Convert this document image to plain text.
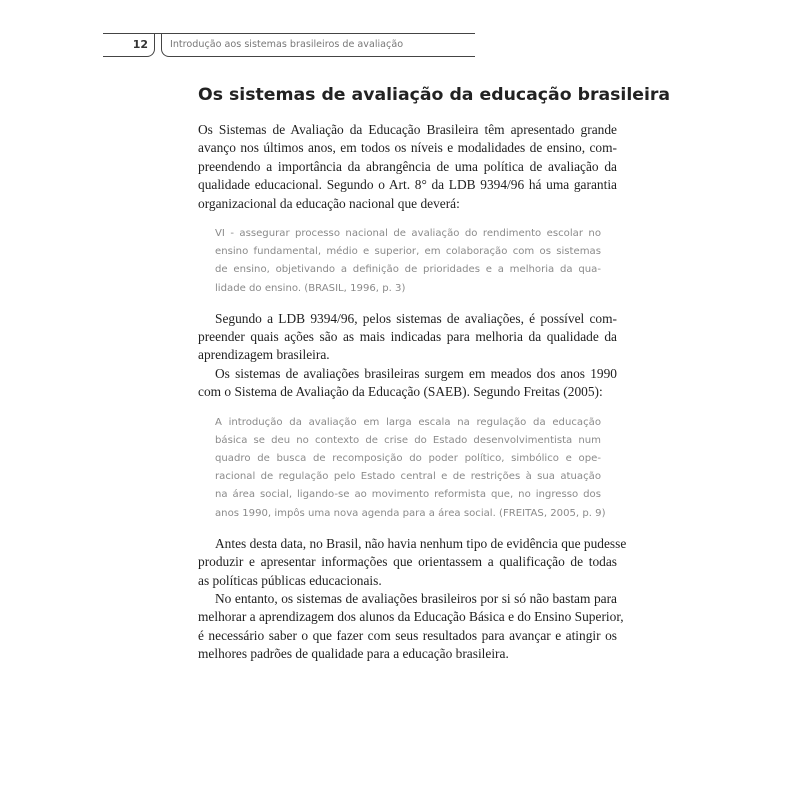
12 Introdução aos sistemas brasileiros de avaliação
Os sistemas de avaliação da educação brasileira
Os Sistemas de Avaliação da Educação Brasileira têm apresentado grande
avanço nos últimos anos, em todos os níveis e modalidades de ensino, com-
preendendo a importância da abrangência de uma política de avaliação da
qualidade educacional. Segundo o Art. 8° da LDB 9394/96 há uma garantia
organizacional da educação nacional que deverá:
VI - assegurar processo nacional de avaliação do rendimento escolar no
ensino fundamental, médio e superior, em colaboração com os sistemas
de ensino, objetivando a definição de prioridades e a melhoria da qua-
lidade do ensino. (BRASIL, 1996, p. 3)
Segundo a LDB 9394/96, pelos sistemas de avaliações, é possível com-
preender quais ações são as mais indicadas para melhoria da qualidade da
aprendizagem brasileira.
Os sistemas de avaliações brasileiras surgem em meados dos anos 1990
com o Sistema de Avaliação da Educação (SAEB). Segundo Freitas (2005):
A introdução da avaliação em larga escala na regulação da educação
básica se deu no contexto de crise do Estado desenvolvimentista num
quadro de busca de recomposição do poder político, simbólico e ope-
racional de regulação pelo Estado central e de restrições à sua atuação
na área social, ligando-se ao movimento reformista que, no ingresso dos
anos 1990, impôs uma nova agenda para a área social. (FREITAS, 2005, p. 9)
Antes desta data, no Brasil, não havia nenhum tipo de evidência que pudesse
produzir e apresentar informações que orientassem a qualificação de todas
as políticas públicas educacionais.
No entanto, os sistemas de avaliações brasileiros por si só não bastam para
melhorar a aprendizagem dos alunos da Educação Básica e do Ensino Superior,
é necessário saber o que fazer com seus resultados para avançar e atingir os
melhores padrões de qualidade para a educação brasileira.
